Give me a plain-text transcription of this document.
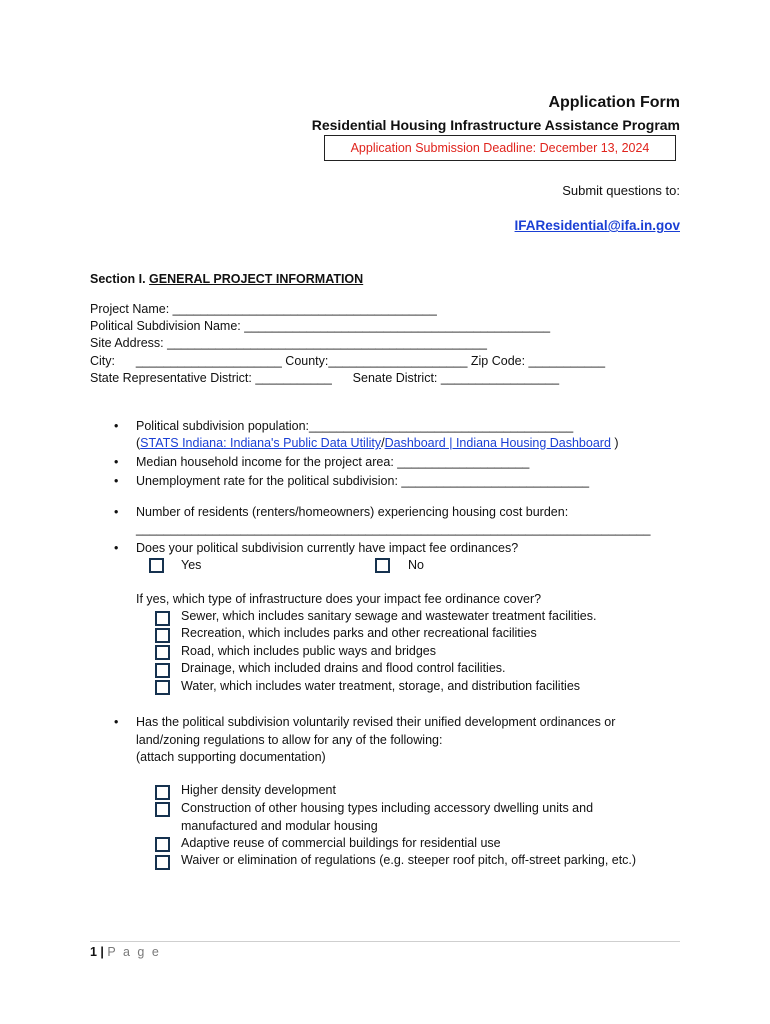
Application Form
Residential Housing Infrastructure Assistance Program
Application Submission Deadline: December 13, 2024
Submit questions to:
IFAResidential@ifa.in.gov
Section I. GENERAL PROJECT INFORMATION
Project Name: ______________________________________
Political Subdivision Name: ____________________________________________
Site Address: ______________________________________________
City:      _____________________ County:____________________ Zip Code: ___________
State Representative District: ___________      Senate District: _________________
• Political subdivision population:______________________________________
(STATS Indiana: Indiana's Public Data Utility/Dashboard | Indiana Housing Dashboard )
• Median household income for the project area: ___________________
• Unemployment rate for the political subdivision: ___________________________
• Number of residents (renters/homeowners) experiencing housing cost burden:
__________________________________________________________________________
• Does your political subdivision currently have impact fee ordinances?
Yes	No
If yes, which type of infrastructure does your impact fee ordinance cover?
Sewer, which includes sanitary sewage and wastewater treatment facilities.
Recreation, which includes parks and other recreational facilities
Road, which includes public ways and bridges
Drainage, which included drains and flood control facilities.
Water, which includes water treatment, storage, and distribution facilities
• Has the political subdivision voluntarily revised their unified development ordinances or
land/zoning regulations to allow for any of the following:
(attach supporting documentation)
Higher density development
Construction of other housing types including accessory dwelling units and
manufactured and modular housing
Adaptive reuse of commercial buildings for residential use
Waiver or elimination of regulations (e.g. steeper roof pitch, off-street parking, etc.)
1 | P a g e
